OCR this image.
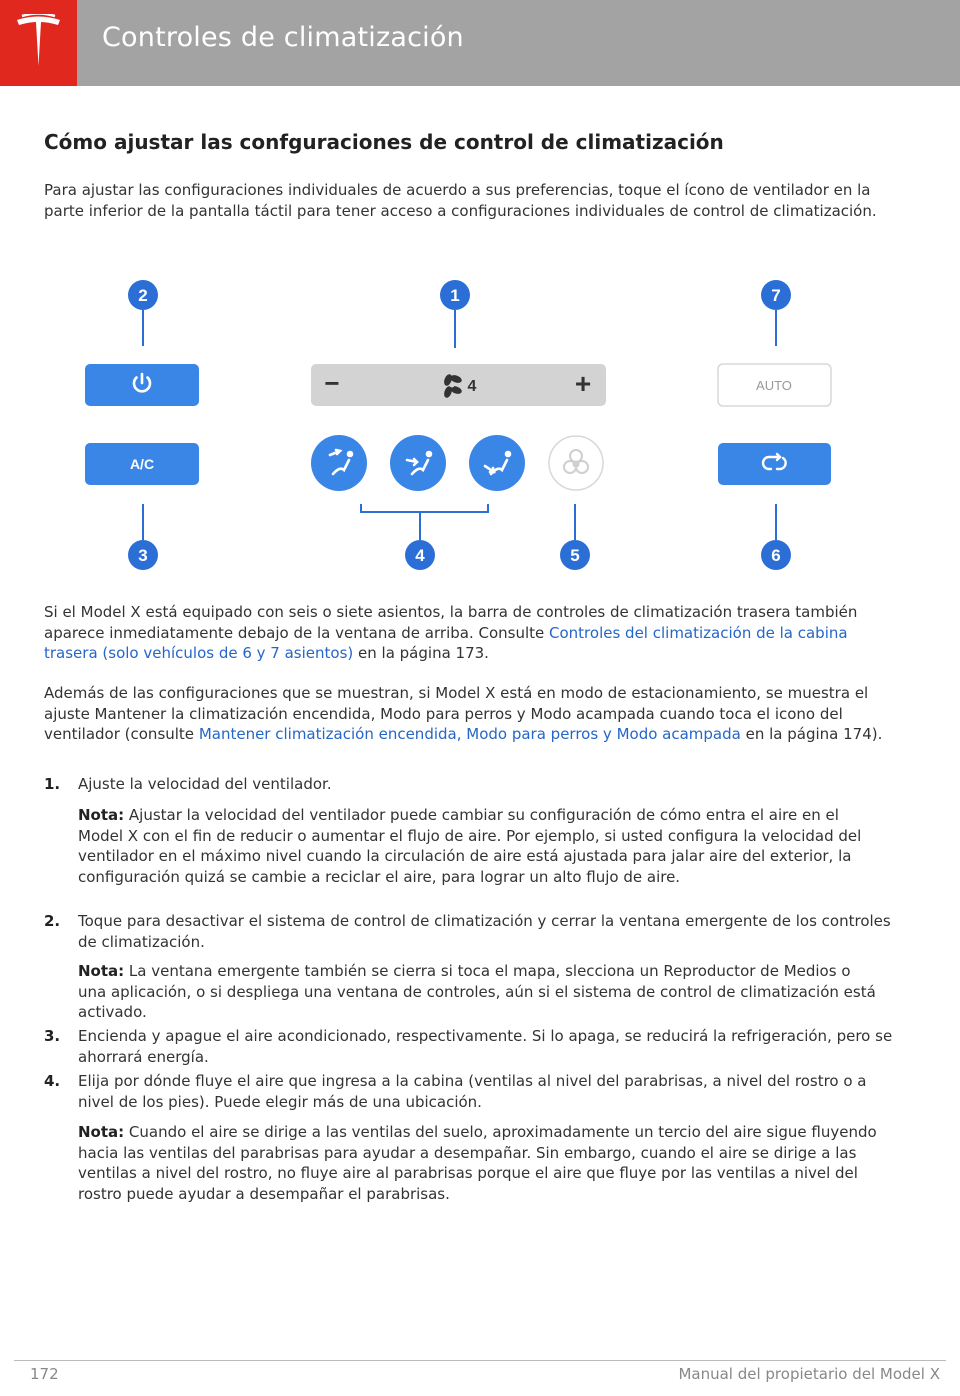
Controles de climatización
Cómo ajustar las confguraciones de control de climatización
Para ajustar las configuraciones individuales de acuerdo a sus preferencias, toque el ícono de ventilador en la parte inferior de la pantalla táctil para tener acceso a configuraciones individuales de control de climatización.
2	1	7
3	4	5	6
A/C
−	+
4	AUTO
Si el Model X está equipado con seis o siete asientos, la barra de controles de climatización trasera también aparece inmediatamente debajo de la ventana de arriba. Consulte Controles del climatización de la cabina trasera (solo vehículos de 6 y 7 asientos) en la página 173.
Además de las configuraciones que se muestran, si Model X está en modo de estacionamiento, se muestra el ajuste Mantener la climatización encendida, Modo para perros y Modo acampada cuando toca el icono del ventilador (consulte Mantener climatización encendida, Modo para perros y Modo acampada en la página 174).
1. Ajuste la velocidad del ventilador.
Nota: Ajustar la velocidad del ventilador puede cambiar su configuración de cómo entra el aire en el Model X con el fin de reducir o aumentar el flujo de aire. Por ejemplo, si usted configura la velocidad del ventilador en el máximo nivel cuando la circulación de aire está ajustada para jalar aire del exterior, la configuración quizá se cambie a reciclar el aire, para lograr un alto flujo de aire.
2. Toque para desactivar el sistema de control de climatización y cerrar la ventana emergente de los controles de climatización.
Nota: La ventana emergente también se cierra si toca el mapa, slecciona un Reproductor de Medios o una aplicación, o si despliega una ventana de controles, aún si el sistema de control de climatización está activado.
3. Encienda y apague el aire acondicionado, respectivamente. Si lo apaga, se reducirá la refrigeración, pero se ahorrará energía.
4. Elija por dónde fluye el aire que ingresa a la cabina (ventilas al nivel del parabrisas, a nivel del rostro o a nivel de los pies). Puede elegir más de una ubicación.
Nota: Cuando el aire se dirige a las ventilas del suelo, aproximadamente un tercio del aire sigue fluyendo hacia las ventilas del parabrisas para ayudar a desempañar. Sin embargo, cuando el aire se dirige a las ventilas a nivel del rostro, no fluye aire al parabrisas porque el aire que fluye por las ventilas a nivel del rostro puede ayudar a desempañar el parabrisas.
172	Manual del propietario del Model X
